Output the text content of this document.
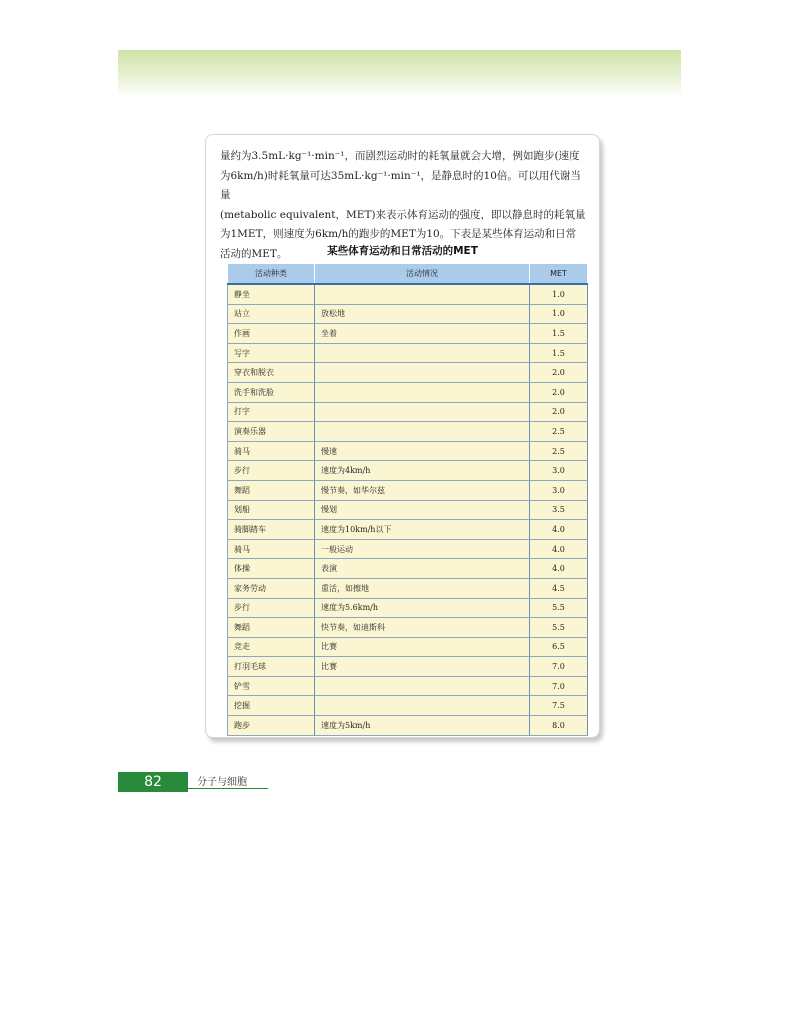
量约为3.5mL·kg⁻¹·min⁻¹，而剧烈运动时的耗氧量就会大增，例如跑步(速度

为6km/h)时耗氧量可达35mL·kg⁻¹·min⁻¹，是静息时的10倍。可以用代谢当量

(metabolic equivalent，MET)来表示体育运动的强度，即以静息时的耗氧量

为1MET，则速度为6km/h的跑步的MET为10。下表是某些体育运动和日常

活动的MET。	某些体育运动和日常活动的MET
活动种类	活动情况	MET
静坐		1.0
站立	放松地	1.0
作画	坐着	1.5
写字		1.5
穿衣和脱衣		2.0
洗手和洗脸		2.0
打字		2.0
演奏乐器		2.5
骑马	慢速	2.5
步行	速度为4km/h	3.0
舞蹈	慢节奏，如华尔兹	3.0
划船	慢划	3.5
骑脚踏车	速度为10km/h以下	4.0
骑马	一般运动	4.0
体操	表演	4.0
家务劳动	重活，如擦地	4.5
步行	速度为5.6km/h	5.5
舞蹈	快节奏，如迪斯科	5.5
竞走	比赛	6.5
打羽毛球	比赛	7.0
铲雪		7.0
挖掘		7.5
跑步	速度为5km/h	8.0
82	分子与细胞
